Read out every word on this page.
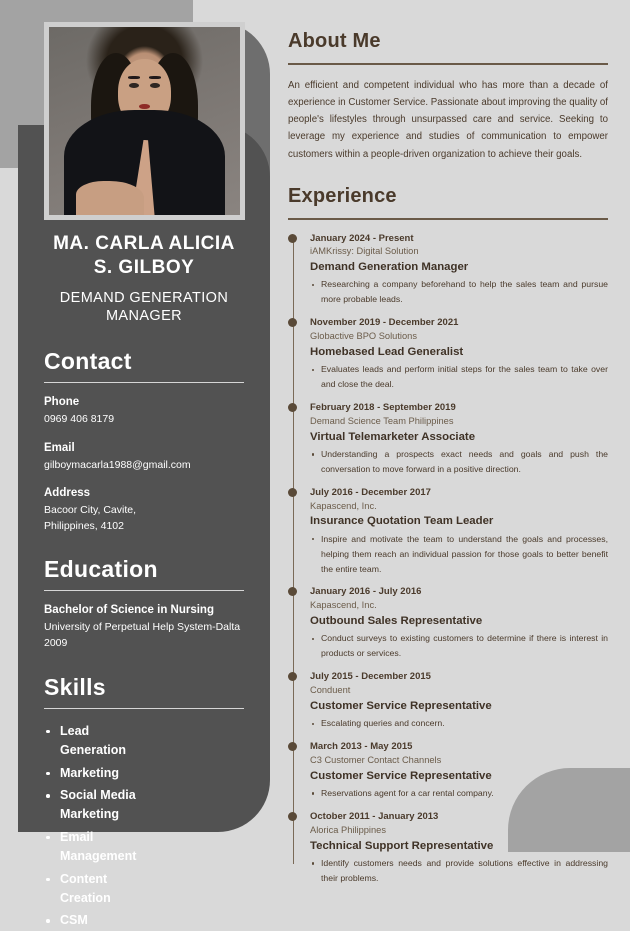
MA. CARLA ALICIA
S. GILBOY
DEMAND GENERATION
MANAGER
Contact
Phone
0969 406 8179
Email
gilboymacarla1988@gmail.com
Address
Bacoor City, Cavite,
Philippines, 4102
Education
Bachelor of Science in Nursing
University of Perpetual Help System-Dalta
2009
Skills
Lead Generation
Marketing
Social Media Marketing
Email Management
Content Creation
CSM
About Me

An efficient and competent individual who has more than a decade of experience in Customer Service. Passionate about improving the quality of people's lifestyles through unsurpassed care and service. Seeking to leverage my experience and studies of communication to empower customers within a people-driven organization to achieve their goals.

Experience
January 2024 - Present
iAMKrissy: Digital Solution
Demand Generation Manager
Researching a company beforehand to help the sales team and pursue more probable leads.
November 2019 - December 2021
Globactive BPO Solutions
Homebased Lead Generalist
Evaluates leads and perform initial steps for the sales team to take over and close the deal.
February 2018 - September 2019
Demand Science Team Philippines
Virtual Telemarketer Associate
Understanding a prospects exact needs and goals and push the conversation to move forward in a positive direction.
July 2016 - December 2017
Kapascend, Inc.
Insurance Quotation Team Leader
Inspire and motivate the team to understand the goals and processes, helping them reach an individual passion for those goals to better benefit the entire team.
January 2016 - July 2016
Kapascend, Inc.
Outbound Sales Representative
Conduct surveys to existing customers to determine if there is interest in products or services.
July 2015 - December 2015
Conduent
Customer Service Representative
Escalating queries and concern.
March 2013 - May 2015
C3 Customer Contact Channels
Customer Service Representative
Reservations agent for a car rental company.
October 2011 - January 2013
Alorica Philippines
Technical Support Representative
Identify customers needs and provide solutions effective in addressing their problems.
